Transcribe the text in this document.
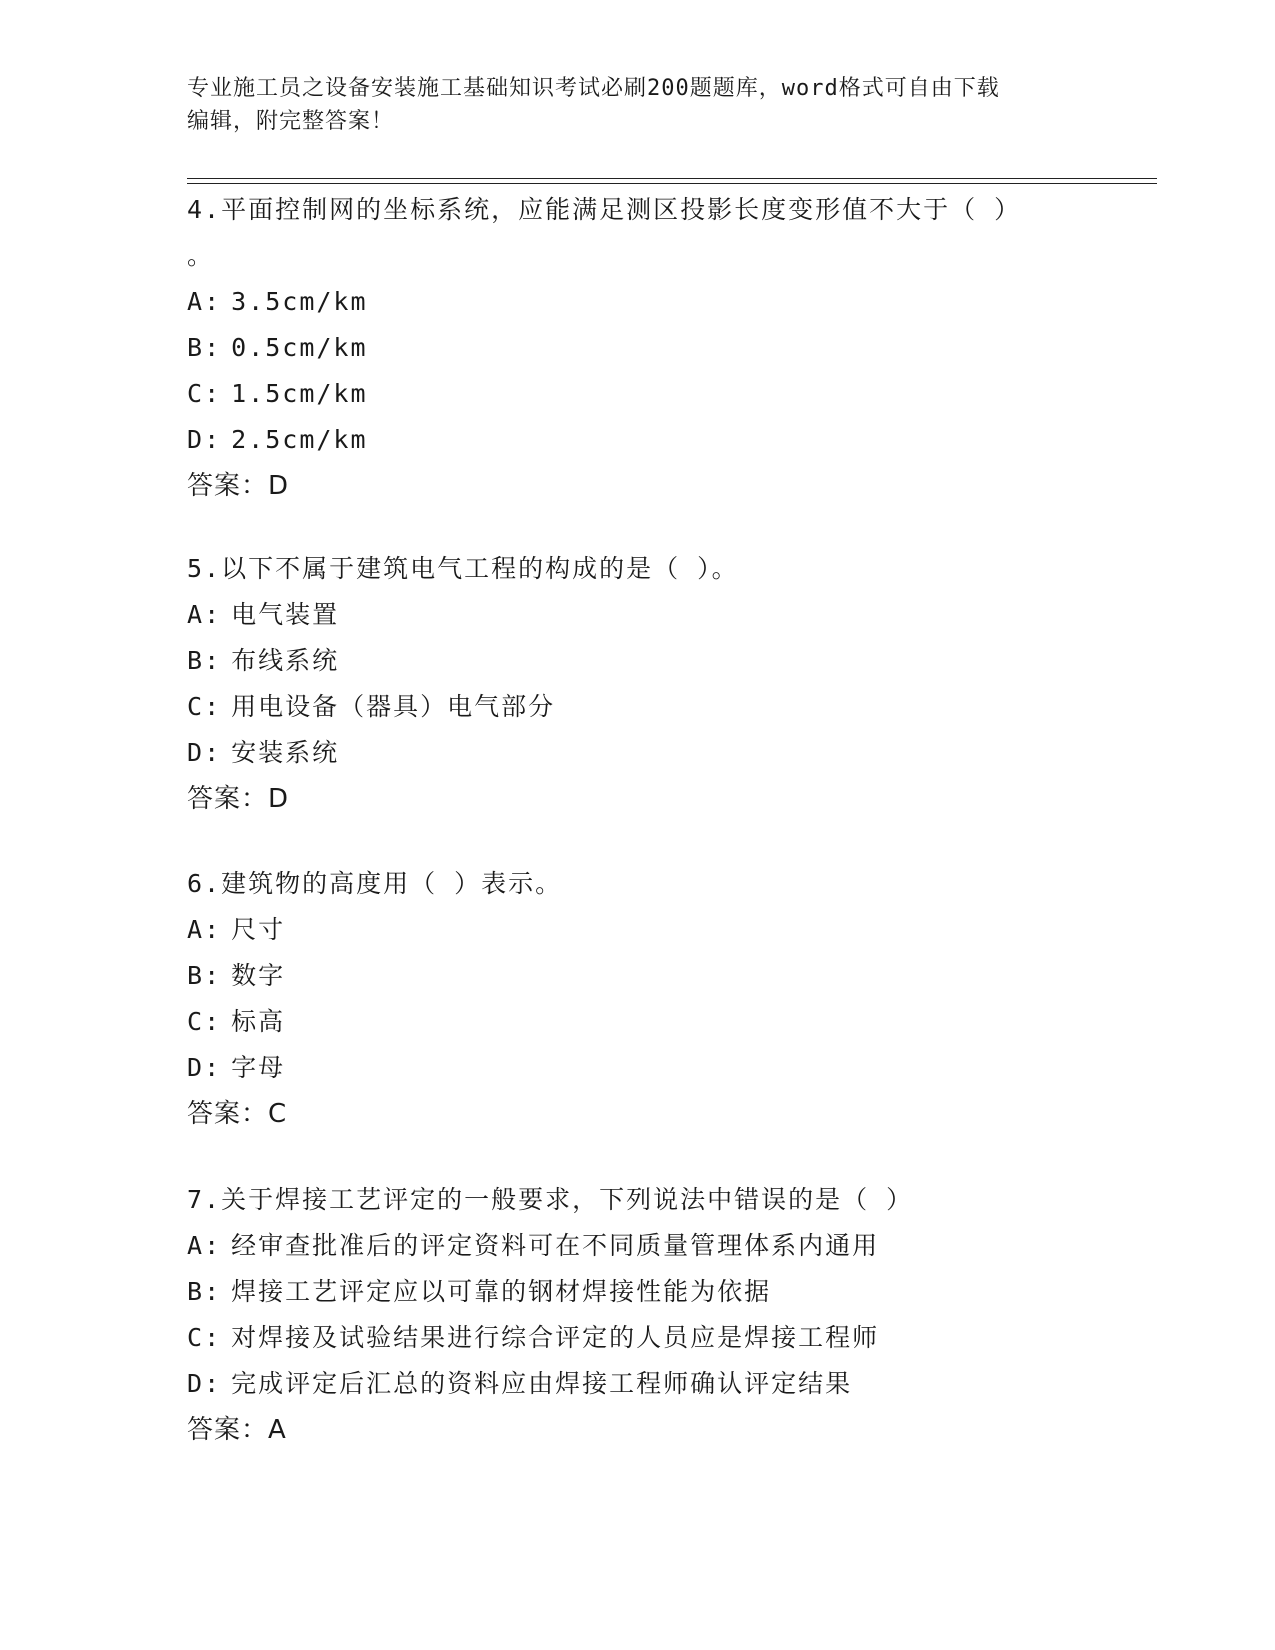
专业施工员之设备安装施工基础知识考试必刷200题题库，word格式可自由下载
编辑，附完整答案！
4.平面控制网的坐标系统，应能满足测区投影长度变形值不大于（ ）
。
A: 3.5cm/km
B: 0.5cm/km
C: 1.5cm/km
D: 2.5cm/km
答案：D
5.以下不属于建筑电气工程的构成的是（ ）。
A: 电气装置
B: 布线系统
C: 用电设备（器具）电气部分
D: 安装系统
答案：D
6.建筑物的高度用（ ）表示。
A: 尺寸
B: 数字
C: 标高
D: 字母
答案：C
7.关于焊接工艺评定的一般要求，下列说法中错误的是（ ）
A: 经审查批准后的评定资料可在不同质量管理体系内通用
B: 焊接工艺评定应以可靠的钢材焊接性能为依据
C: 对焊接及试验结果进行综合评定的人员应是焊接工程师
D: 完成评定后汇总的资料应由焊接工程师确认评定结果
答案：A
